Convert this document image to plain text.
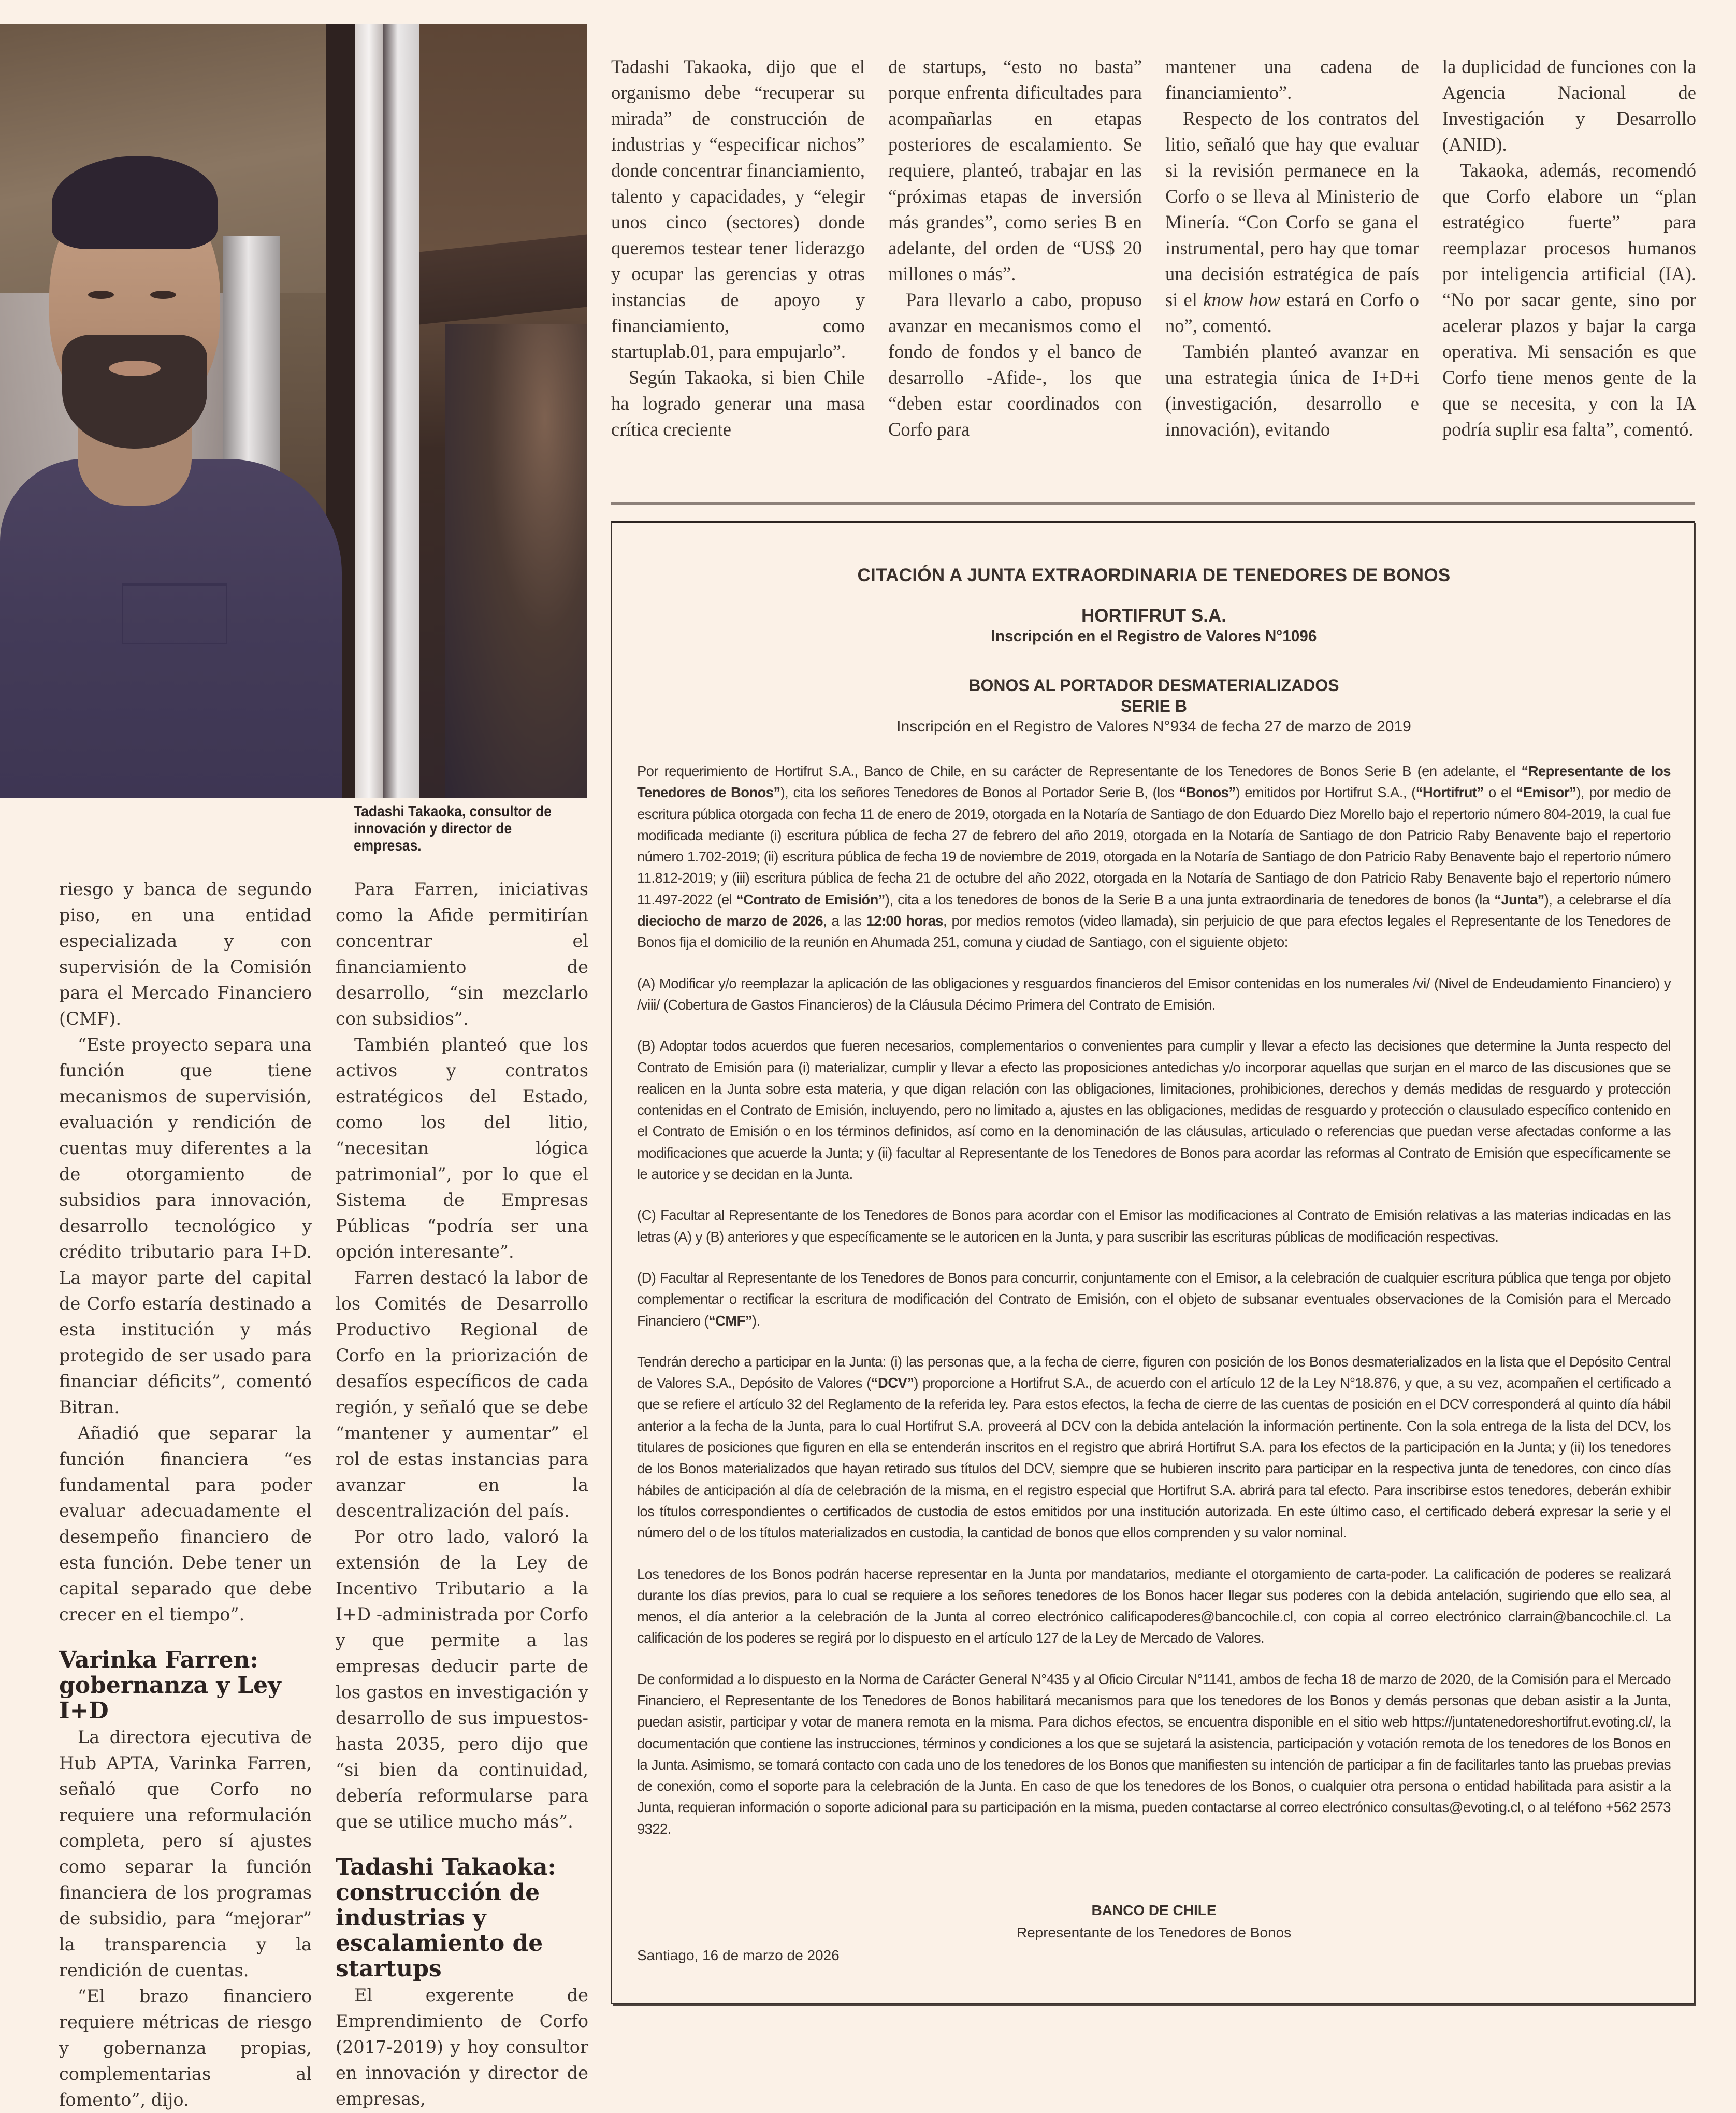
Tadashi Takaoka, consultor de innovación y director de empresas.

Tadashi Takaoka, dijo que el organismo debe “recuperar su mirada” de construcción de industrias y “especificar nichos” donde concentrar financiamiento, talento y capacidades, y “elegir unos cinco (sectores) donde queremos testear tener liderazgo y ocupar las gerencias y otras instancias de apoyo y financiamiento, como startuplab.01, para empujarlo”.

Según Takaoka, si bien Chile ha logrado generar una masa crítica creciente

de startups, “esto no basta” porque enfrenta dificultades para acompañarlas en etapas posteriores de escalamiento. Se requiere, planteó, trabajar en las “próximas etapas de inversión más grandes”, como series B en adelante, del orden de “US$ 20 millones o más”.

Para llevarlo a cabo, propuso avanzar en mecanismos como el fondo de fondos y el banco de desarrollo -Afide-, los que “deben estar coordinados con Corfo para

mantener una cadena de financiamiento”.

Respecto de los contratos del litio, señaló que hay que evaluar si la revisión permanece en la Corfo o se lleva al Ministerio de Minería. “Con Corfo se gana el instrumental, pero hay que tomar una decisión estratégica de país si el know how estará en Corfo o no”, comentó.

También planteó avanzar en una estrategia única de I+D+i (investigación, desarrollo e innovación), evitando

la duplicidad de funciones con la Agencia Nacional de Investigación y Desarrollo (ANID).

Takaoka, además, recomendó que Corfo elabore un “plan estratégico fuerte” para reemplazar procesos humanos por inteligencia artificial (IA). “No por sacar gente, sino por acelerar plazos y bajar la carga operativa. Mi sensación es que Corfo tiene menos gente de la que se necesita, y con la IA podría suplir esa falta”, comentó.

riesgo y banca de segundo piso, en una entidad especializada y con supervisión de la Comisión para el Mercado Financiero (CMF).

“Este proyecto separa una función que tiene mecanismos de supervisión, evaluación y rendición de cuentas muy diferentes a la de otorgamiento de subsidios para innovación, desarrollo tecnológico y crédito tributario para I+D. La mayor parte del capital de Corfo estaría destinado a esta institución y más protegido de ser usado para financiar déficits”, comentó Bitran.

Añadió que separar la función financiera “es fundamental para poder evaluar adecuadamente el desempeño financiero de esta función. Debe tener un capital separado que debe crecer en el tiempo”.

Varinka Farren: gobernanza y Ley I+D

La directora ejecutiva de Hub APTA, Varinka Farren, señaló que Corfo no requiere una reformulación completa, pero sí ajustes como separar la función financiera de los programas de subsidio, para “mejorar” la transparencia y la rendición de cuentas.

“El brazo financiero requiere métricas de riesgo y gobernanza propias, complementarias al fomento”, dijo.

Para Farren, iniciativas como la Afide permitirían concentrar el financiamiento de desarrollo, “sin mezclarlo con subsidios”.

También planteó que los activos y contratos estratégicos del Estado, como los del litio, “necesitan lógica patrimonial”, por lo que el Sistema de Empresas Públicas “podría ser una opción interesante”.

Farren destacó la labor de los Comités de Desarrollo Productivo Regional de Corfo en la priorización de desafíos específicos de cada región, y señaló que se debe “mantener y aumentar” el rol de estas instancias para avanzar en la descentralización del país.

Por otro lado, valoró la extensión de la Ley de Incentivo Tributario a la I+D -administrada por Corfo y que permite a las empresas deducir parte de los gastos en investigación y desarrollo de sus impuestos- hasta 2035, pero dijo que “si bien da continuidad, debería reformularse para que se utilice mucho más”.

Tadashi Takaoka: construcción de industrias y escalamiento de startups

El exgerente de Emprendimiento de Corfo (2017-2019) y hoy consultor en innovación y director de empresas,

CITACIÓN A JUNTA EXTRAORDINARIA DE TENEDORES DE BONOS
HORTIFRUT S.A.
Inscripción en el Registro de Valores N°1096
BONOS AL PORTADOR DESMATERIALIZADOS
SERIE B
Inscripción en el Registro de Valores N°934 de fecha 27 de marzo de 2019

Por requerimiento de Hortifrut S.A., Banco de Chile, en su carácter de Representante de los Tenedores de Bonos Serie B (en adelante, el “Representante de los Tenedores de Bonos”), cita los señores Tenedores de Bonos al Portador Serie B, (los “Bonos”) emitidos por Hortifrut S.A., (“Hortifrut” o el “Emisor”), por medio de escritura pública otorgada con fecha 11 de enero de 2019, otorgada en la Notaría de Santiago de don Eduardo Diez Morello bajo el repertorio número 804-2019, la cual fue modificada mediante (i) escritura pública de fecha 27 de febrero del año 2019, otorgada en la Notaría de Santiago de don Patricio Raby Benavente bajo el repertorio número 1.702-2019; (ii) escritura pública de fecha 19 de noviembre de 2019, otorgada en la Notaría de Santiago de don Patricio Raby Benavente bajo el repertorio número 11.812-2019; y (iii) escritura pública de fecha 21 de octubre del año 2022, otorgada en la Notaría de Santiago de don Patricio Raby Benavente bajo el repertorio número 11.497-2022 (el “Contrato de Emisión”), cita a los tenedores de bonos de la Serie B a una junta extraordinaria de tenedores de bonos (la “Junta”), a celebrarse el día dieciocho de marzo de 2026, a las 12:00 horas, por medios remotos (video llamada), sin perjuicio de que para efectos legales el Representante de los Tenedores de Bonos fija el domicilio de la reunión en Ahumada 251, comuna y ciudad de Santiago, con el siguiente objeto:

(A) Modificar y/o reemplazar la aplicación de las obligaciones y resguardos financieros del Emisor contenidas en los numerales /vi/ (Nivel de Endeudamiento Financiero) y /viii/ (Cobertura de Gastos Financieros) de la Cláusula Décimo Primera del Contrato de Emisión.

(B) Adoptar todos acuerdos que fueren necesarios, complementarios o convenientes para cumplir y llevar a efecto las decisiones que determine la Junta respecto del Contrato de Emisión para (i) materializar, cumplir y llevar a efecto las proposiciones antedichas y/o incorporar aquellas que surjan en el marco de las discusiones que se realicen en la Junta sobre esta materia, y que digan relación con las obligaciones, limitaciones, prohibiciones, derechos y demás medidas de resguardo y protección contenidas en el Contrato de Emisión, incluyendo, pero no limitado a, ajustes en las obligaciones, medidas de resguardo y protección o clausulado específico contenido en el Contrato de Emisión o en los términos definidos, así como en la denominación de las cláusulas, articulado o referencias que puedan verse afectadas conforme a las modificaciones que acuerde la Junta; y (ii) facultar al Representante de los Tenedores de Bonos para acordar las reformas al Contrato de Emisión que específicamente se le autorice y se decidan en la Junta.

(C) Facultar al Representante de los Tenedores de Bonos para acordar con el Emisor las modificaciones al Contrato de Emisión relativas a las materias indicadas en las letras (A) y (B) anteriores y que específicamente se le autoricen en la Junta, y para suscribir las escrituras públicas de modificación respectivas.

(D) Facultar al Representante de los Tenedores de Bonos para concurrir, conjuntamente con el Emisor, a la celebración de cualquier escritura pública que tenga por objeto complementar o rectificar la escritura de modificación del Contrato de Emisión, con el objeto de subsanar eventuales observaciones de la Comisión para el Mercado Financiero (“CMF”).

Tendrán derecho a participar en la Junta: (i) las personas que, a la fecha de cierre, figuren con posición de los Bonos desmaterializados en la lista que el Depósito Central de Valores S.A., Depósito de Valores (“DCV”) proporcione a Hortifrut S.A., de acuerdo con el artículo 12 de la Ley N°18.876, y que, a su vez, acompañen el certificado a que se refiere el artículo 32 del Reglamento de la referida ley. Para estos efectos, la fecha de cierre de las cuentas de posición en el DCV corresponderá al quinto día hábil anterior a la fecha de la Junta, para lo cual Hortifrut S.A. proveerá al DCV con la debida antelación la información pertinente. Con la sola entrega de la lista del DCV, los titulares de posiciones que figuren en ella se entenderán inscritos en el registro que abrirá Hortifrut S.A. para los efectos de la participación en la Junta; y (ii) los tenedores de los Bonos materializados que hayan retirado sus títulos del DCV, siempre que se hubieren inscrito para participar en la respectiva junta de tenedores, con cinco días hábiles de anticipación al día de celebración de la misma, en el registro especial que Hortifrut S.A. abrirá para tal efecto. Para inscribirse estos tenedores, deberán exhibir los títulos correspondientes o certificados de custodia de estos emitidos por una institución autorizada. En este último caso, el certificado deberá expresar la serie y el número del o de los títulos materializados en custodia, la cantidad de bonos que ellos comprenden y su valor nominal.

Los tenedores de los Bonos podrán hacerse representar en la Junta por mandatarios, mediante el otorgamiento de carta-poder. La calificación de poderes se realizará durante los días previos, para lo cual se requiere a los señores tenedores de los Bonos hacer llegar sus poderes con la debida antelación, sugiriendo que ello sea, al menos, el día anterior a la celebración de la Junta al correo electrónico calificapoderes@bancochile.cl, con copia al correo electrónico clarrain@bancochile.cl. La calificación de los poderes se regirá por lo dispuesto en el artículo 127 de la Ley de Mercado de Valores.

De conformidad a lo dispuesto en la Norma de Carácter General N°435 y al Oficio Circular N°1141, ambos de fecha 18 de marzo de 2020, de la Comisión para el Mercado Financiero, el Representante de los Tenedores de Bonos habilitará mecanismos para que los tenedores de los Bonos y demás personas que deban asistir a la Junta, puedan asistir, participar y votar de manera remota en la misma. Para dichos efectos, se encuentra disponible en el sitio web https://juntatenedoreshortifrut.evoting.cl/, la documentación que contiene las instrucciones, términos y condiciones a los que se sujetará la asistencia, participación y votación remota de los tenedores de los Bonos en la Junta. Asimismo, se tomará contacto con cada uno de los tenedores de los Bonos que manifiesten su intención de participar a fin de facilitarles tanto las pruebas previas de conexión, como el soporte para la celebración de la Junta. En caso de que los tenedores de los Bonos, o cualquier otra persona o entidad habilitada para asistir a la Junta, requieran información o soporte adicional para su participación en la misma, pueden contactarse al correo electrónico consultas@evoting.cl, o al teléfono +562 2573 9322.

BANCO DE CHILE
Representante de los Tenedores de Bonos
Santiago, 16 de marzo de 2026
